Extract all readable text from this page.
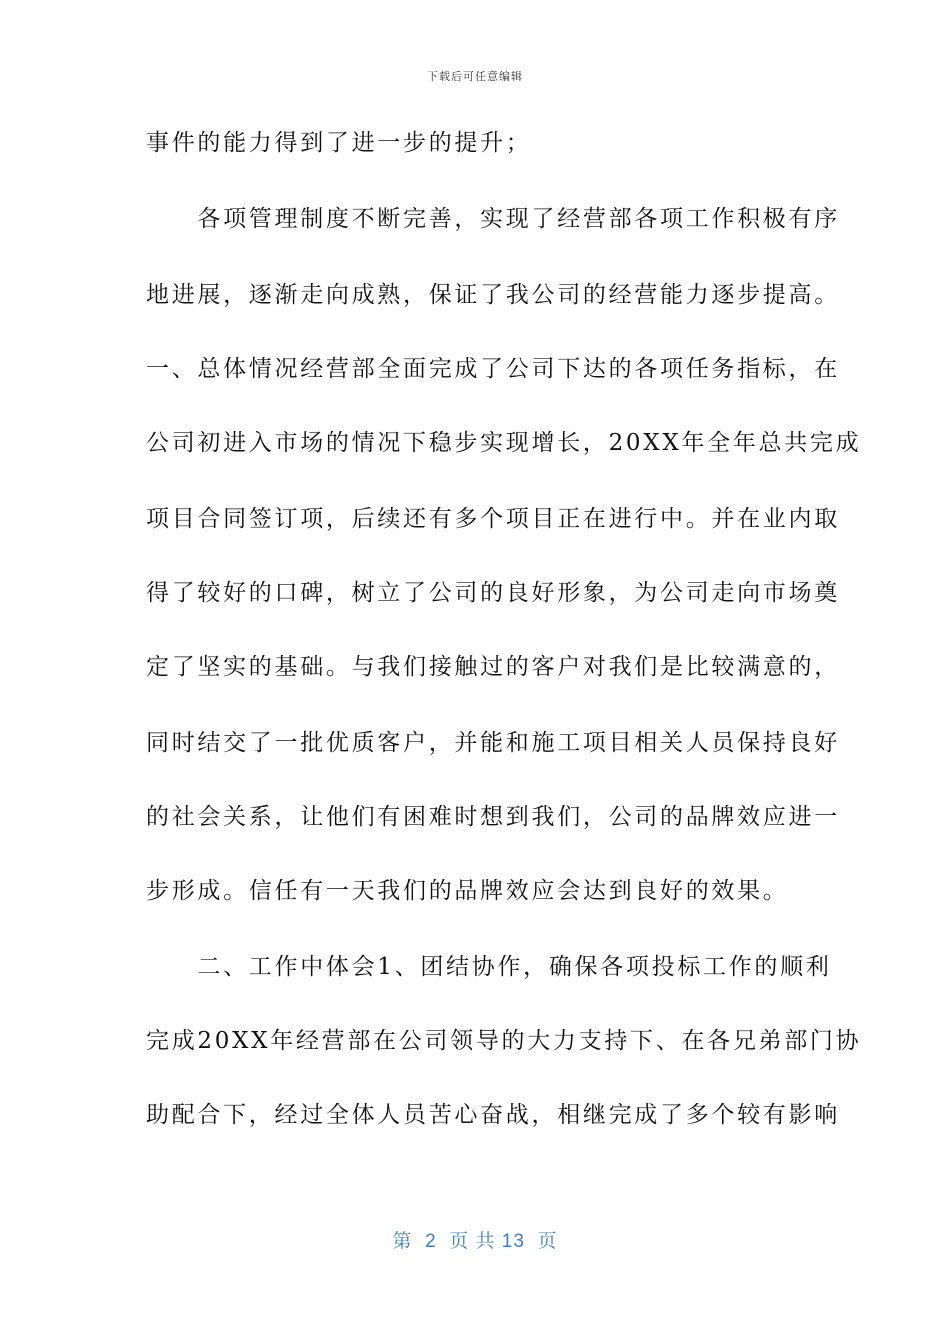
下载后可任意编辑
事件的能力得到了进一步的提升；
　　各项管理制度不断完善，实现了经营部各项工作积极有序
地进展，逐渐走向成熟，保证了我公司的经营能力逐步提高。
一、总体情况经营部全面完成了公司下达的各项任务指标，在
公司初进入市场的情况下稳步实现增长，20XX年全年总共完成
项目合同签订项，后续还有多个项目正在进行中。并在业内取
得了较好的口碑，树立了公司的良好形象，为公司走向市场奠
定了坚实的基础。与我们接触过的客户对我们是比较满意的，
同时结交了一批优质客户，并能和施工项目相关人员保持良好
的社会关系，让他们有困难时想到我们，公司的品牌效应进一
步形成。信任有一天我们的品牌效应会达到良好的效果。
　　二、工作中体会1、团结协作，确保各项投标工作的顺利
完成20XX年经营部在公司领导的大力支持下、在各兄弟部门协
助配合下，经过全体人员苦心奋战，相继完成了多个较有影响
第  2  页 共 13  页
